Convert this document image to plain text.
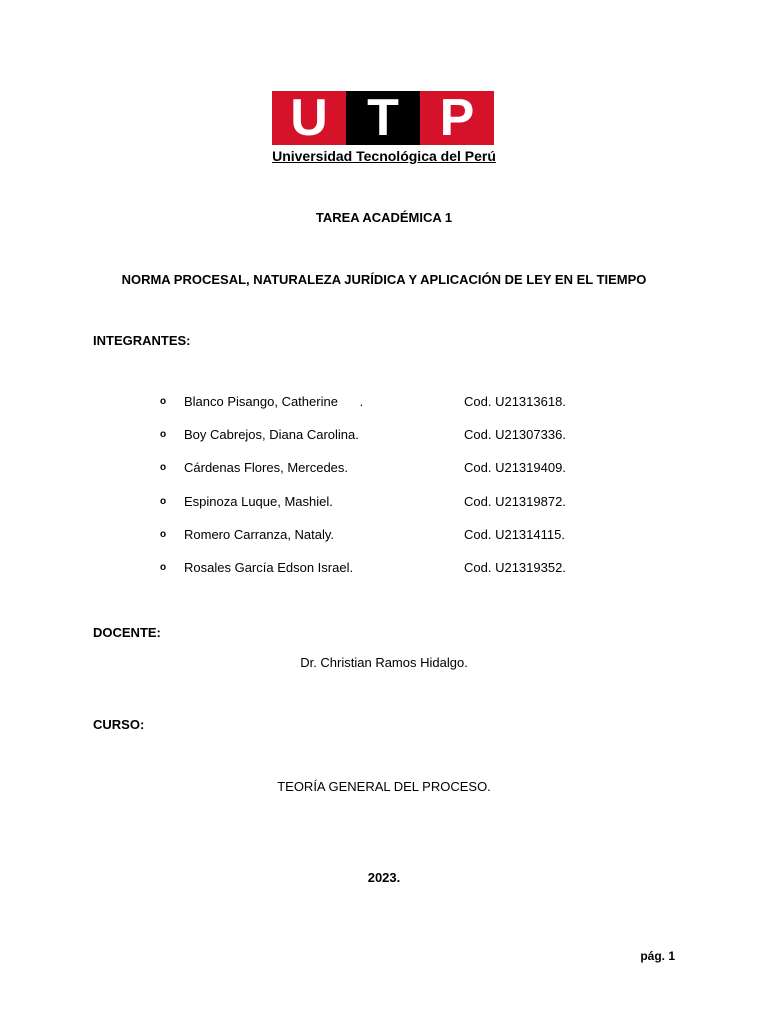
U T P
Universidad Tecnológica del Perú
TAREA ACADÉMICA 1
NORMA PROCESAL, NATURALEZA JURÍDICA Y APLICACIÓN DE LEY EN EL TIEMPO
INTEGRANTES:
o Blanco Pisango, Catherine      .	Cod. U21313618.
o Boy Cabrejos, Diana Carolina.	Cod. U21307336.
o Cárdenas Flores, Mercedes.	Cod. U21319409.
o Espinoza Luque, Mashiel.	Cod. U21319872.
o Romero Carranza, Nataly.	Cod. U21314115.
o Rosales García Edson Israel.	Cod. U21319352.
DOCENTE:
Dr. Christian Ramos Hidalgo.
CURSO:
TEORÍA GENERAL DEL PROCESO.
2023.
pág. 1
